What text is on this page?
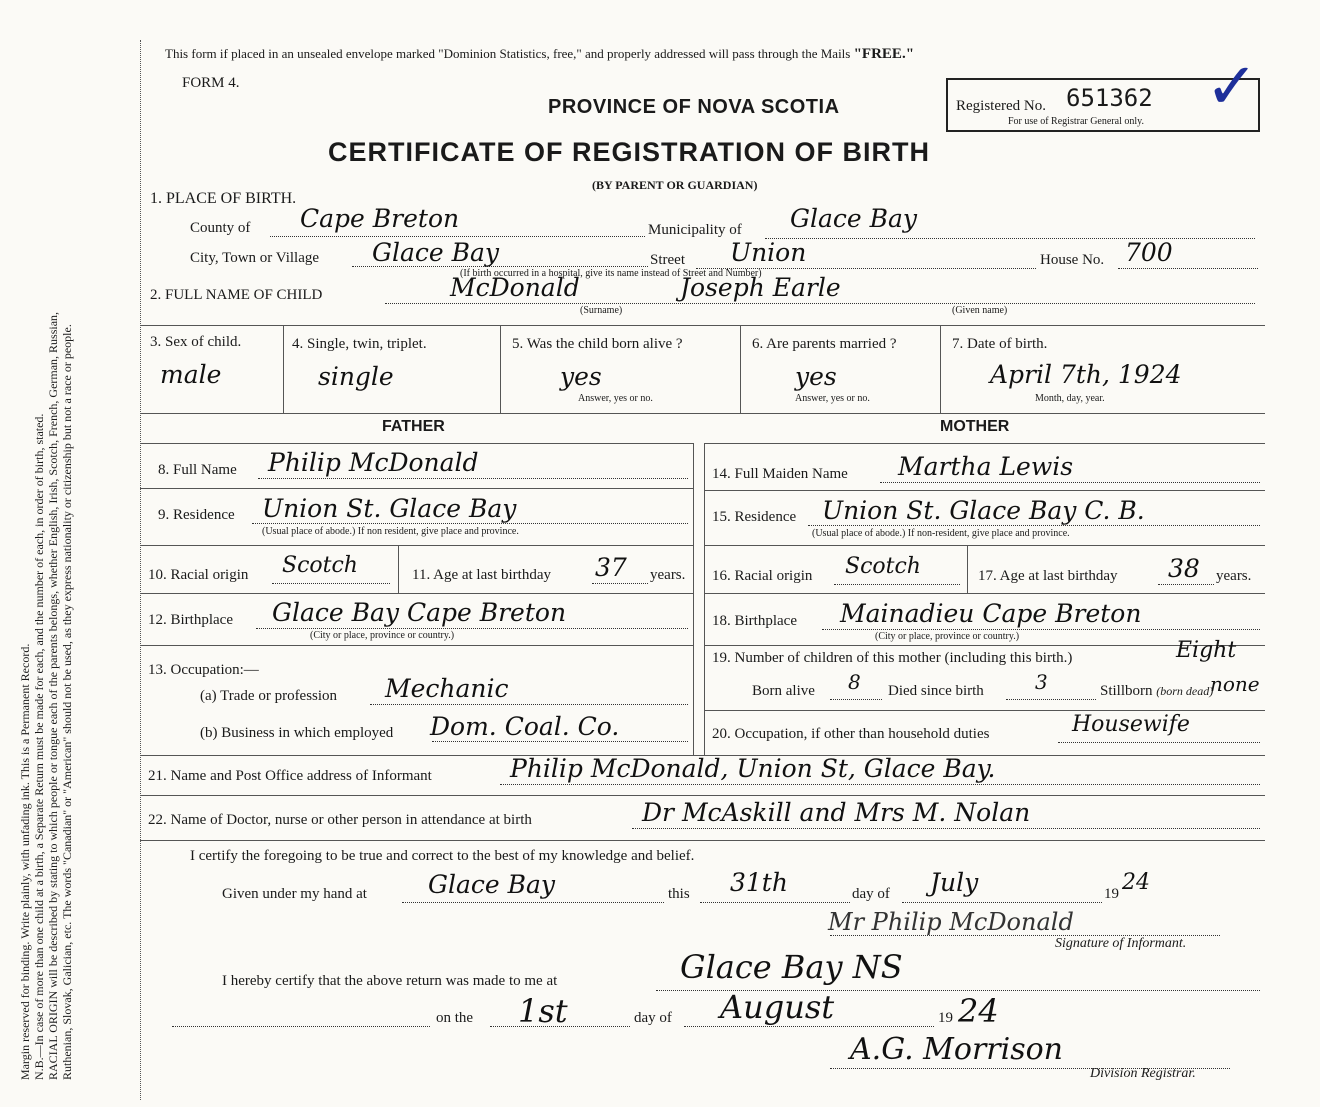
Margin reserved for binding. Write plainly, with unfading ink. This is a Permanent Record. N.B.—In case of more than one child at a birth, a Separate Return must be made for each, and the number of each, in order of birth, stated. RACIAL ORIGIN will be described by stating to which people or tongue each of the parents belongs, whether English, Irish, Scotch, French, German, Russian, Ruthenian, Slovak, Galician, etc. The words "Canadian" or "American" should not be used, as they express nationality or citizenship but not a race or people.
This form if placed in an unsealed envelope marked "Dominion Statistics, free," and properly addressed will pass through the Mails "FREE."
FORM 4.
PROVINCE OF NOVA SCOTIA
CERTIFICATE OF REGISTRATION OF BIRTH
(BY PARENT OR GUARDIAN)
Registered No. 651362
For use of Registrar General only. ✓
1. PLACE OF BIRTH.
County of Cape Breton	Municipality of Glace Bay
City, Town or Village Glace Bay	Street Union	House No. 700
(If birth occurred in a hospital, give its name instead of Street and Number)
2. FULL NAME OF CHILD	McDonald	Joseph Earle
(Surname)	(Given name)
3. Sex of child.
male
4. Single, twin, triplet.
single
5. Was the child born alive ?
yes
Answer, yes or no.
6. Are parents married ?
yes
Answer, yes or no.
7. Date of birth.
April 7th, 1924
Month, day, year.
FATHER	MOTHER
8. Full Name Philip McDonald
9. Residence Union St. Glace Bay
(Usual place of abode.) If non resident, give place and province.
10. Racial origin Scotch	11. Age at last birthday 37 years.
12. Birthplace Glace Bay Cape Breton
(City or place, province or country.)
13. Occupation:—
(a) Trade or profession Mechanic
(b) Business in which employed Dom. Coal. Co.
14. Full Maiden Name Martha Lewis
15. Residence Union St. Glace Bay C. B.
(Usual place of abode.) If non-resident, give place and province.
16. Racial origin Scotch	17. Age at last birthday 38 years.
18. Birthplace Mainadieu Cape Breton
(City or place, province or country.)
19. Number of children of this mother (including this birth.)	Eight
Born alive 8 Died since birth	3	Stillborn (born dead)
none
20. Occupation, if other than household duties	Housewife
21. Name and Post Office address of Informant	Philip McDonald, Union St, Glace Bay.
22. Name of Doctor, nurse or other person in attendance at birth	Dr McAskill and Mrs M. Nolan
I certify the foregoing to be true and correct to the best of my knowledge and belief.
Given under my hand at Glace Bay	this 31th	day of July	19 24
Mr Philip McDonald
Signature of Informant.
I hereby certify that the above return was made to me at	Glace Bay NS
on the 1st	day of August	19 24
A.G. Morrison
Division Registrar.
